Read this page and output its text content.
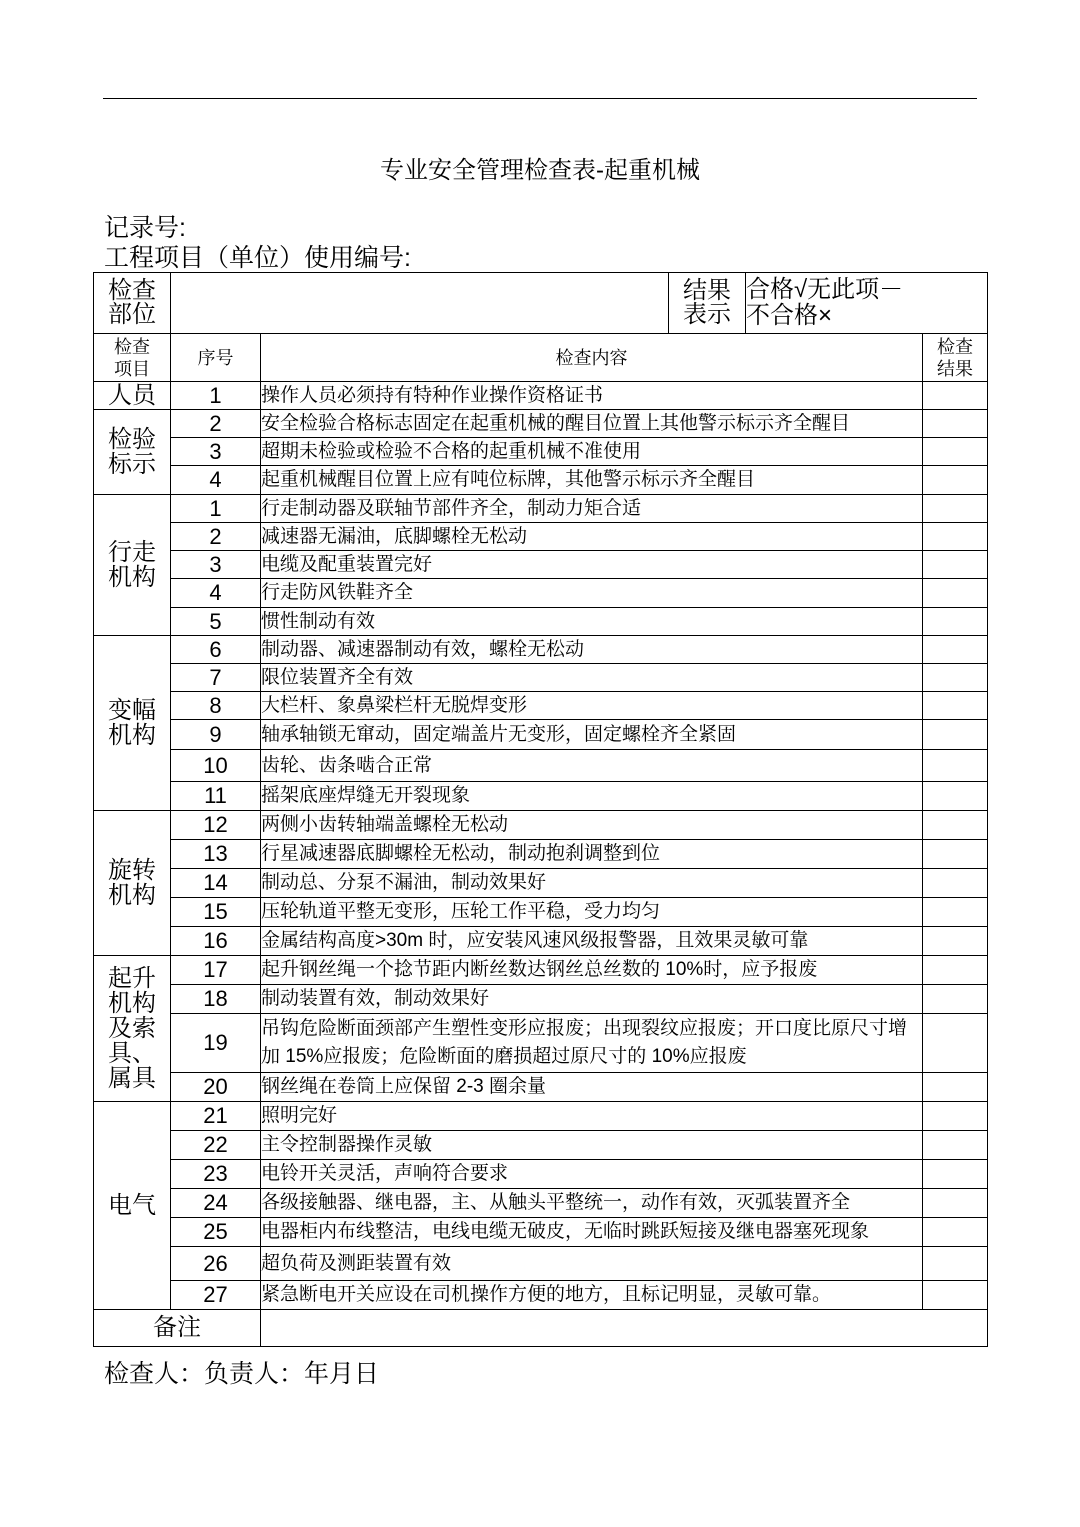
专业安全管理检查表-起重机械
记录号:
工程项目（单位）使用编号:
检查部位			结果表示	合格√无此项－
不合格×	

检查项目	序号	检查内容			检查结果

人员	1	操作人员必须持有特种作业操作资格证书			

检验标示	2	安全检验合格标志固定在起重机械的醒目位置上其他警示标示齐全醒目			
	3	超期未检验或检验不合格的起重机械不准使用			
	4	起重机械醒目位置上应有吨位标牌，其他警示标示齐全醒目			

行走机构	1	行走制动器及联轴节部件齐全，制动力矩合适			
	2	减速器无漏油，底脚螺栓无松动			
	3	电缆及配重装置完好			
	4	行走防风铁鞋齐全			
	5	惯性制动有效			

变幅机构	6	制动器、减速器制动有效，螺栓无松动			
	7	限位装置齐全有效			
	8	大栏杆、象鼻梁栏杆无脱焊变形			
	9	轴承轴锁无窜动，固定端盖片无变形，固定螺栓齐全紧固			
	10	齿轮、齿条啮合正常			
	11	摇架底座焊缝无开裂现象			

旋转机构	12	两侧小齿转轴端盖螺栓无松动			
	13	行星减速器底脚螺栓无松动，制动抱刹调整到位			
	14	制动总、分泵不漏油，制动效果好			
	15	压轮轨道平整无变形，压轮工作平稳，受力均匀			
	16	金属结构高度>30m 时，应安装风速风级报警器，且效果灵敏可靠			

起升机构及索具、属具	17	起升钢丝绳一个捻节距内断丝数达钢丝总丝数的 10%时，应予报废			
	18	制动装置有效，制动效果好			
	19	吊钩危险断面颈部产生塑性变形应报废；出现裂纹应报废；开口度比原尺寸增加 15%应报废；危险断面的磨损超过原尺寸的 10%应报废			
	20	钢丝绳在卷筒上应保留 2-3 圈余量			

电气	21	照明完好			
	22	主令控制器操作灵敏			
	23	电铃开关灵活，声响符合要求			
	24	各级接触器、继电器，主、从触头平整统一，动作有效，灭弧装置齐全			
	25	电器柜内布线整洁，电线电缆无破皮，无临时跳跃短接及继电器塞死现象			
	26	超负荷及测距装置有效			
	27	紧急断电开关应设在司机操作方便的地方，且标记明显，灵敏可靠。			
备注					
检查人：负责人：年月日
